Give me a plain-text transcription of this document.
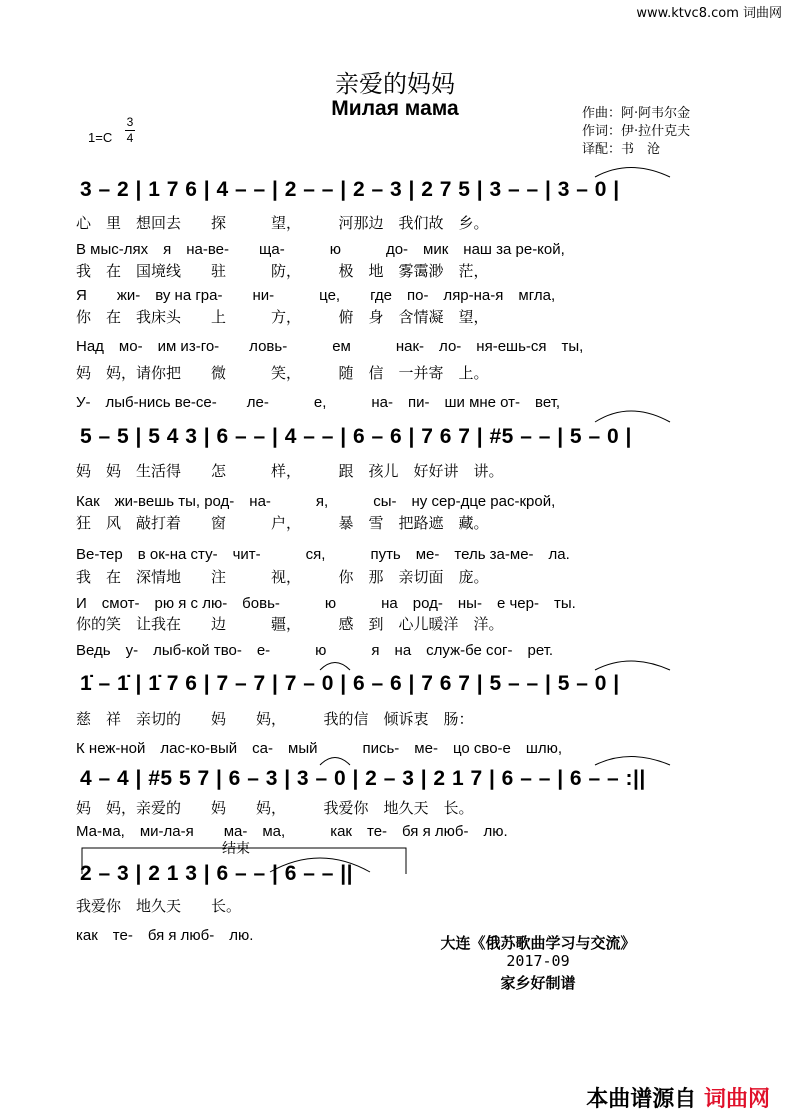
www.ktvc8.com 词曲网
亲爱的妈妈
Милая мама	作曲：阿·阿韦尔金
作词：伊·拉什克夫
译配：书　沧
1=C
3
4
3 – 2 | 1 7 6 | 4 – – | 2 – – | 2 – 3 | 2 7 5 | 3 – – | 3 – 0 |
心　里　想回去　　探　　　望，　　　河那边　我们故　乡。
В мыс-лях　я　на-ве-　　ща-　　　ю　　　до-　мик　наш за ре-кой,
我　在　国境线　　驻　　　防，　　　极　地　雾霭渺　茫，
Я　　жи-　ву на гра-　　ни-　　　це,　　где　по-　ляр-на-я　мгла,
你　在　我床头　　上　　　方，　　　俯　身　含情凝　望，
Над　мо-　им из-го-　　ловь-　　　ем　　　нак-　ло-　ня-ешь-ся　ты,
妈　妈，请你把　　微　　　笑，　　　随　信　一并寄　上。
У-　лыб-нись ве-се-　　ле-　　　е,　　　на-　пи-　ши мне от-　вет,
5 – 5 | 5 4 3 | 6 – – | 4 – – | 6 – 6 | 7 6 7 | #5 – – | 5 – 0 |
妈　妈　生活得　　怎　　　样，　　　跟　孩儿　好好讲　讲。
Как　жи-вешь ты, род-　на-　　　я,　　　сы-　ну сер-дце рас-крой,
狂　风　敲打着　　窗　　　户，　　　暴　雪　把路遮　藏。
Ве-тер　в ок-на сту-　чит-　　　ся,　　　путь　ме-　тель за-ме-　ла.
我　在　深情地　　注　　　视，　　　你　那　亲切面　庞。
И　смот-　рю я с лю-　бовь-　　　ю　　　на　род-　ны-　е чер-　ты.
你的笑　让我在　　边　　　疆，　　　感　到　心儿暖洋　洋。
Ведь　у-　лыб-кой тво-　е-　　　ю　　　я　на　служ-бе сог-　рет.
1̇ – 1̇ | 1̇ 7 6 | 7 – 7 | 7 – 0 | 6 – 6 | 7 6 7 | 5 – – | 5 – 0 |
慈　祥　亲切的　　妈　　妈，　　　我的信　倾诉衷　肠：
К неж-ной　лас-ко-вый　са-　мый　　　пись-　ме-　цо сво-е　шлю,
4 – 4 | #5 5 7 | 6 – 3 | 3 – 0 | 2 – 3 | 2 1 7 | 6 – – | 6 – – :||
妈　妈，亲爱的　　妈　　妈，　　　我爱你　地久天　长。
Ма-ма,　ми-ла-я　　ма-　ма,　　　как　те-　бя я люб-　лю.
结束
2 – 3 | 2 1 3 | 6 – – | 6 – – ||
我爱你　地久天　　长。
как　те-　бя я люб-　лю.	大连《俄苏歌曲学习与交流》
2017-09
家乡好制谱
本曲谱源自 词曲网
